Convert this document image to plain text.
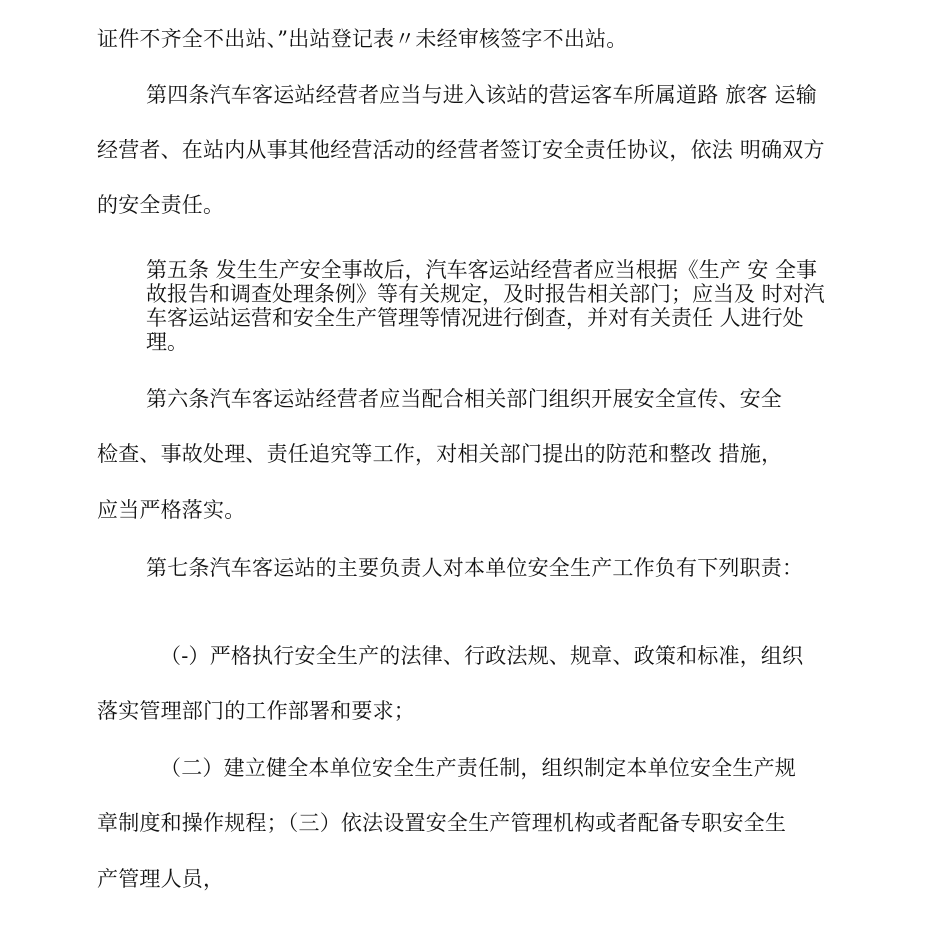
证件不齐全不出站、”出站登记表〃未经审核签字不出站。
第四条汽车客运站经营者应当与进入该站的营运客车所属道路 旅客 运输
经营者、在站内从事其他经营活动的经营者签订安全责任协议，依法 明确双方
的安全责任。
第五条 发生生产安全事故后，汽车客运站经营者应当根据《生产 安 全事
故报告和调查处理条例》等有关规定，及时报告相关部门；应当及 时对汽
车客运站运营和安全生产管理等情况进行倒查，并对有关责任 人进行处
理。
第六条汽车客运站经营者应当配合相关部门组织开展安全宣传、安全
检查、事故处理、责任追究等工作，对相关部门提出的防范和整改 措施，
应当严格落实。
第七条汽车客运站的主要负责人对本单位安全生产工作负有下列职责：
（-）严格执行安全生产的法律、行政法规、规章、政策和标准，组织
落实管理部门的工作部署和要求；
（二）建立健全本单位安全生产责任制，组织制定本单位安全生产规
章制度和操作规程；（三）依法设置安全生产管理机构或者配备专职安全生
产管理人员，
